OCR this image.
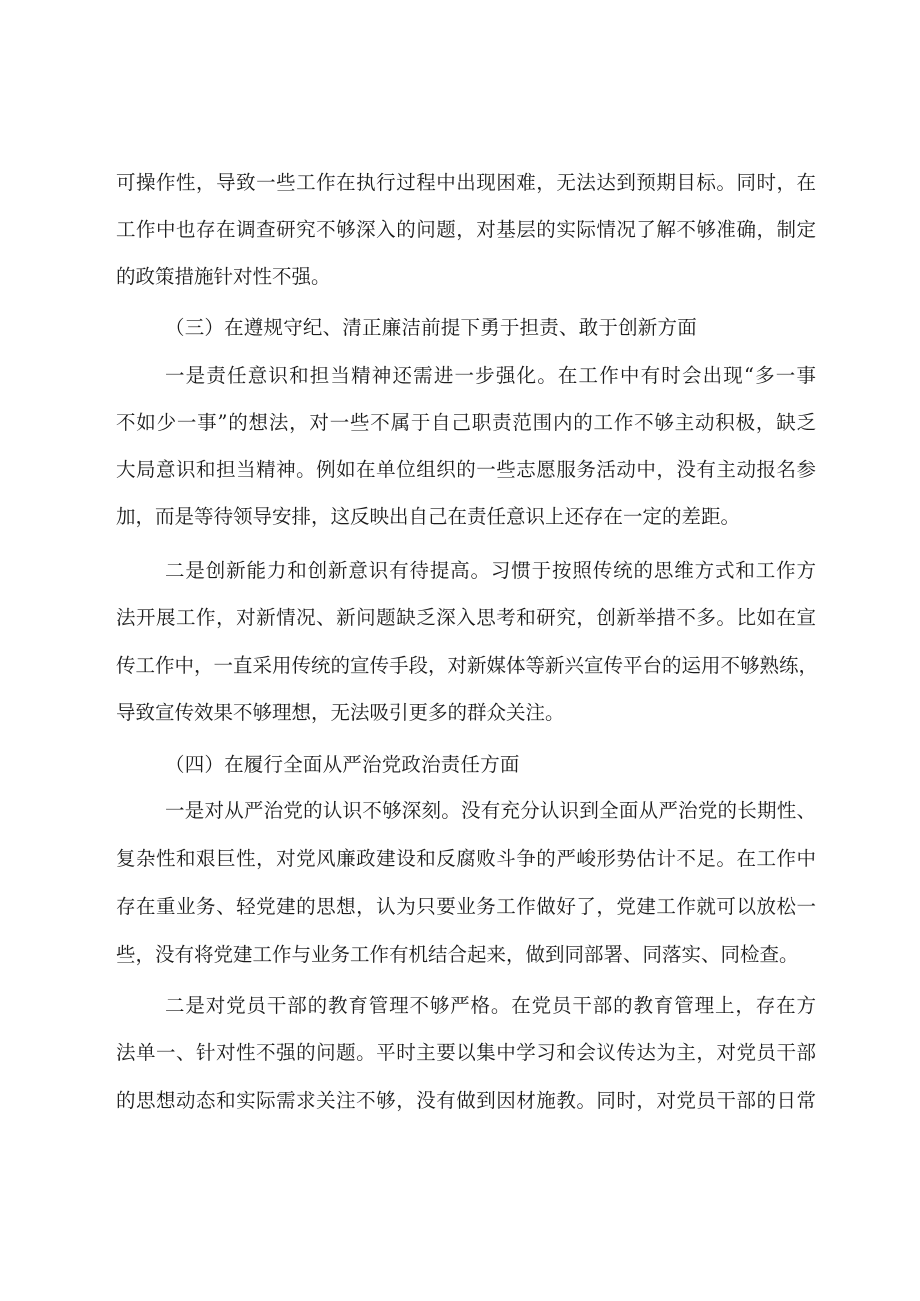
可操作性，导致一些工作在执行过程中出现困难，无法达到预期目标。同时，在
工作中也存在调查研究不够深入的问题，对基层的实际情况了解不够准确，制定
的政策措施针对性不强。
（三）在遵规守纪、清正廉洁前提下勇于担责、敢于创新方面
一是责任意识和担当精神还需进一步强化。在工作中有时会出现“多一事
不如少一事”的想法，对一些不属于自己职责范围内的工作不够主动积极，缺乏
大局意识和担当精神。例如在单位组织的一些志愿服务活动中，没有主动报名参
加，而是等待领导安排，这反映出自己在责任意识上还存在一定的差距。
二是创新能力和创新意识有待提高。习惯于按照传统的思维方式和工作方
法开展工作，对新情况、新问题缺乏深入思考和研究，创新举措不多。比如在宣
传工作中，一直采用传统的宣传手段，对新媒体等新兴宣传平台的运用不够熟练，
导致宣传效果不够理想，无法吸引更多的群众关注。
（四）在履行全面从严治党政治责任方面
一是对从严治党的认识不够深刻。没有充分认识到全面从严治党的长期性、
复杂性和艰巨性，对党风廉政建设和反腐败斗争的严峻形势估计不足。在工作中
存在重业务、轻党建的思想，认为只要业务工作做好了，党建工作就可以放松一
些，没有将党建工作与业务工作有机结合起来，做到同部署、同落实、同检查。
二是对党员干部的教育管理不够严格。在党员干部的教育管理上，存在方
法单一、针对性不强的问题。平时主要以集中学习和会议传达为主，对党员干部
的思想动态和实际需求关注不够，没有做到因材施教。同时，对党员干部的日常
